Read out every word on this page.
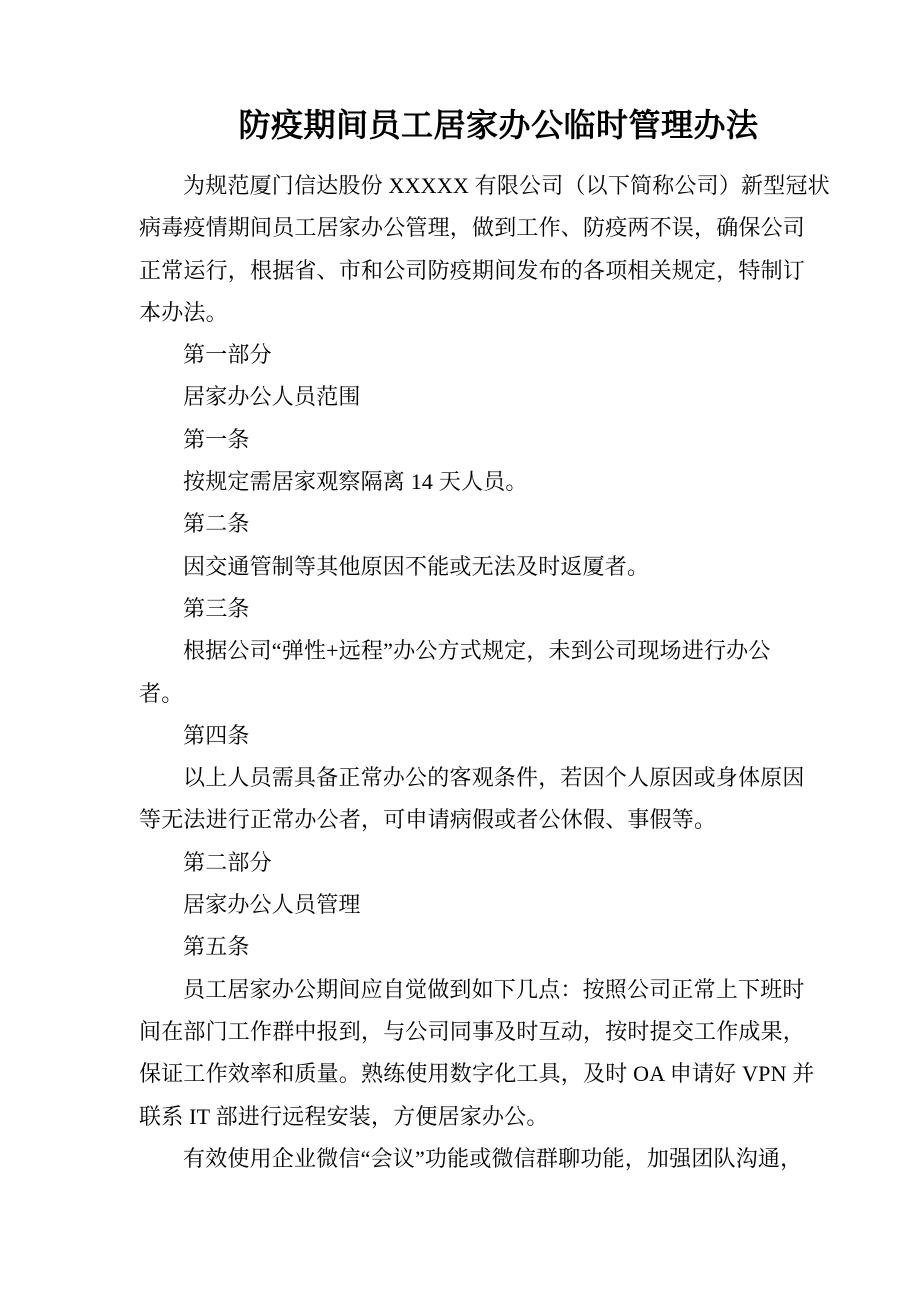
防疫期间员工居家办公临时管理办法
为规范厦门信达股份 XXXXX 有限公司（以下简称公司）新型冠状
病毒疫情期间员工居家办公管理，做到工作、防疫两不误，确保公司
正常运行，根据省、市和公司防疫期间发布的各项相关规定，特制订
本办法。
第一部分
居家办公人员范围
第一条
按规定需居家观察隔离 14 天人员。
第二条
因交通管制等其他原因不能或无法及时返厦者。
第三条
根据公司“弹性+远程”办公方式规定，未到公司现场进行办公
者。
第四条
以上人员需具备正常办公的客观条件，若因个人原因或身体原因
等无法进行正常办公者，可申请病假或者公休假、事假等。
第二部分
居家办公人员管理
第五条
员工居家办公期间应自觉做到如下几点：按照公司正常上下班时
间在部门工作群中报到，与公司同事及时互动，按时提交工作成果，
保证工作效率和质量。熟练使用数字化工具，及时 OA 申请好 VPN 并
联系 IT 部进行远程安装，方便居家办公。
有效使用企业微信“会议”功能或微信群聊功能，加强团队沟通，
